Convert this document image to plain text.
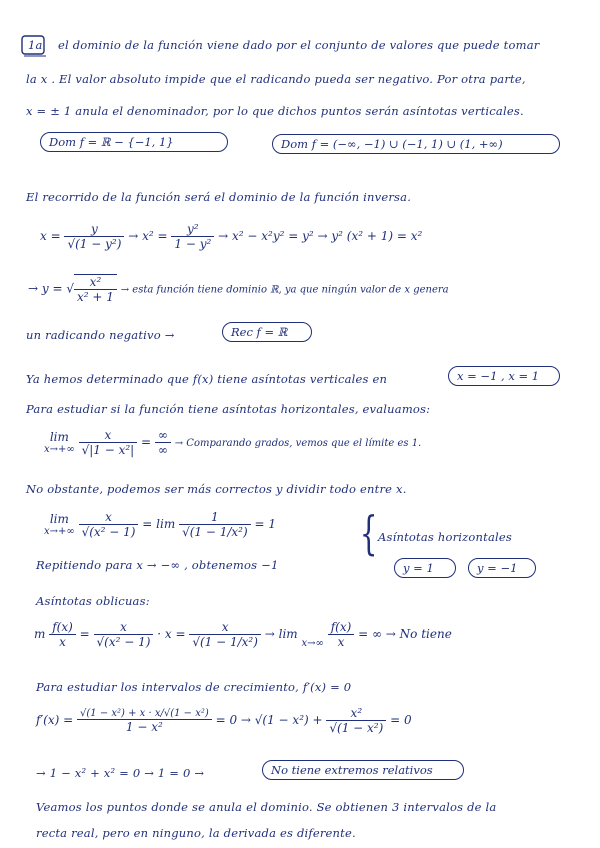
1a el dominio de la función viene dado por el conjunto de valores que puede tomar
la x . El valor absoluto impide que el radicando pueda ser negativo. Por otra parte,
x = ± 1 anula el denominador, por lo que dichos puntos serán asíntotas verticales.
Dom f = ℝ − {−1, 1}	Dom f = (−∞, −1) ∪ (−1, 1) ∪ (1, +∞)
El recorrido de la función será el dominio de la función inversa.
$x = \frac{y}{\text{√(1 − y²)}} \to x^2 = \frac{\text{y²}}{\text{1 − y²}} \to x^2 - x^2y^2 = y^2 \to y^2$ (x² + 1) = x²
→ y = √ $\frac{\text{x²}}{\text{x² + 1}}$ → esta función tiene dominio ℝ, ya que ningún valor de x genera
un radicando negativo →	Rec f = ℝ
Ya hemos determinado que f(x) tiene asíntotas verticales en	x = −1 , x = 1
Para estudiar si la función tiene asíntotas horizontales, evaluamos:
lim
x→+∞
$\frac{x}{\text{√|1 − x²|}} = \frac{\infty}{\infty}$ → Comparando grados, vemos que el límite es 1.
No obstante, podemos ser más correctos y dividir todo entre x.
lim
x→+∞
$\frac{x}{\text{√(x² − 1)}} = \lim \frac{1}{\text{√(1 − 1/x²)}} = 1$ { Asíntotas horizontales
y = 1	y = −1
Repitiendo para x → −∞ , obtenemos −1
Asíntotas oblicuas:
m $\frac{f(x)}{x} = \frac{x}{\text{√(x² − 1)}} \cdot x = \frac{x}{\text{√(1 − 1/x²)}} \to \lim x\to\infty \frac{f(x)}{x}$ = ∞ → No tiene
Para estudiar los intervalos de crecimiento, f′(x) = 0
$f'(x) = \frac{\text{√(1 − x²) + x · x/√(1 − x²)}}{\text{1 − x²}} = 0 \to √(1 - x^2) + \frac{\text{x²}}{\text{√(1 − x²)}} = 0$
→ 1 − x² + x² = 0 → 1 = 0 →	No tiene extremos relativos
Veamos los puntos donde se anula el dominio. Se obtienen 3 intervalos de la
recta real, pero en ninguno, la derivada es diferente.
